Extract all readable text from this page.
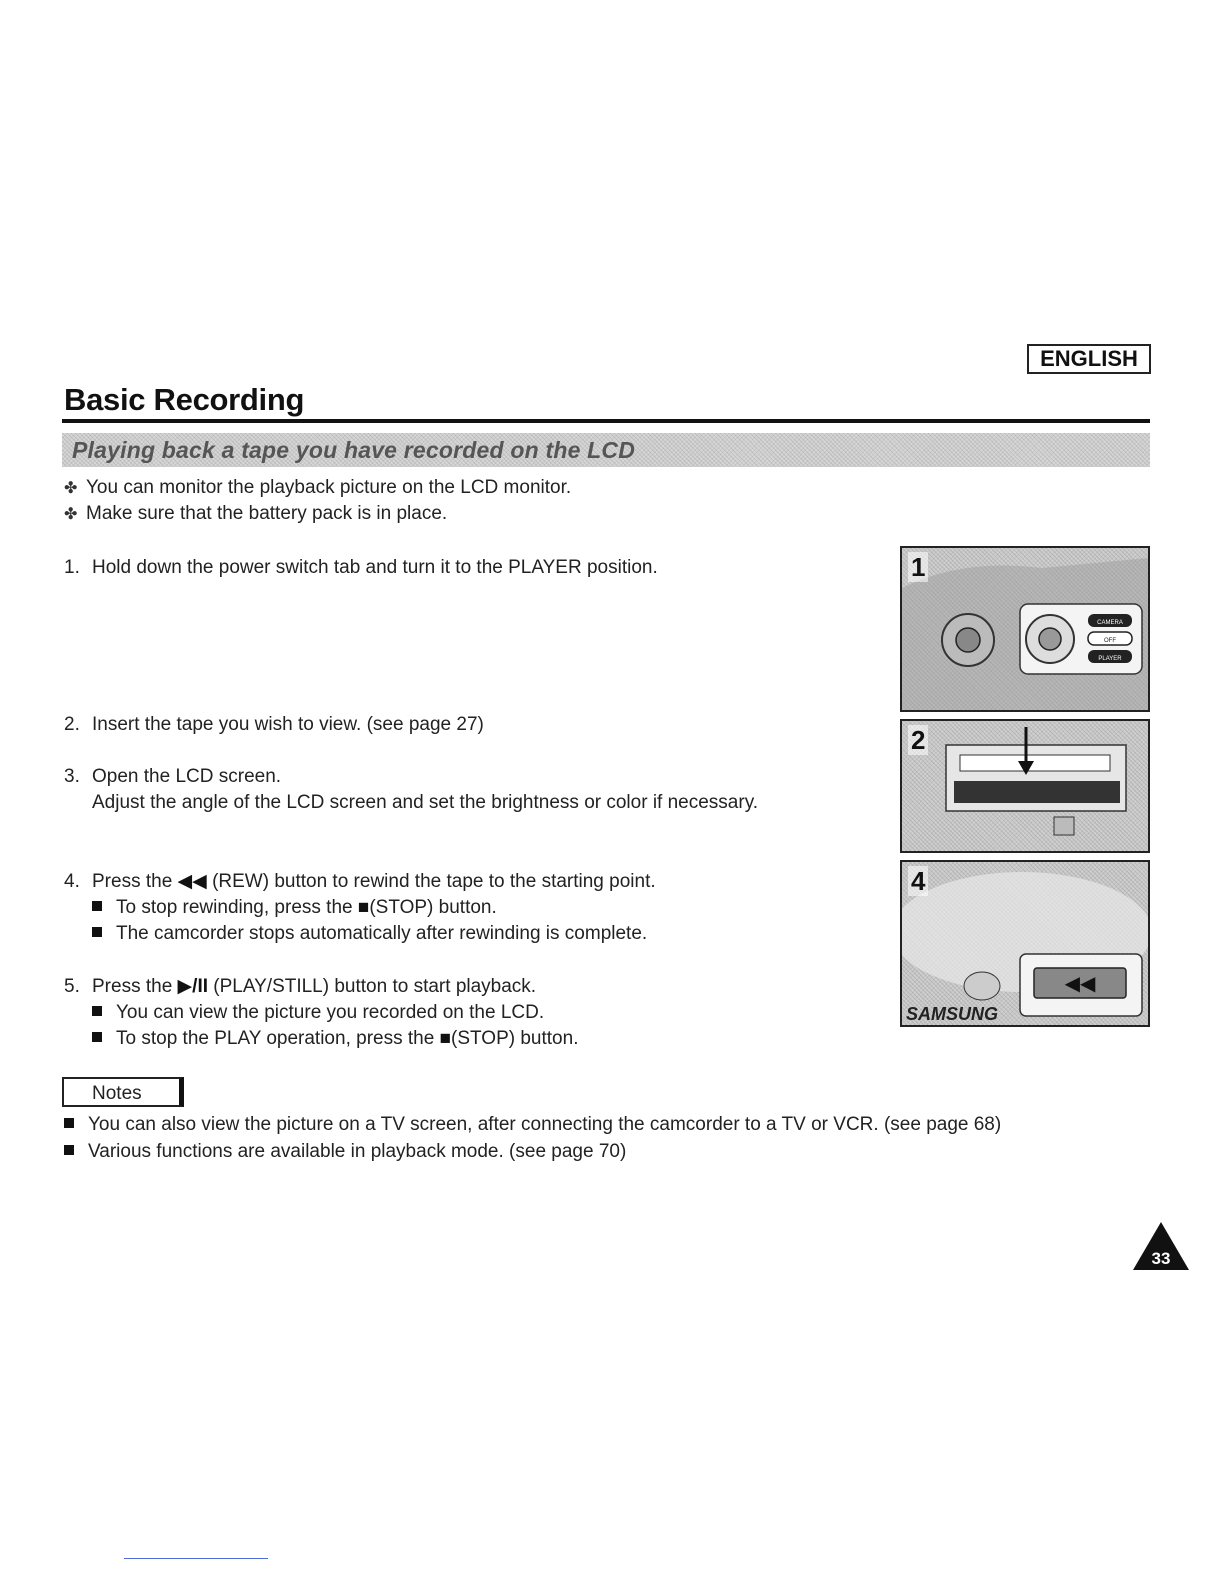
ENGLISH
Basic Recording
Playing back a tape you have recorded on the LCD
✤ You can monitor the playback picture on the LCD monitor.
✤ Make sure that the battery pack is in place.
1. Hold down the power switch tab and turn it to the PLAYER position.
2. Insert the tape you wish to view. (see page 27)
3. Open the LCD screen.
Adjust the angle of the LCD screen and set the brightness or color if necessary.
4. Press the ◀◀ (REW) button to rewind the tape to the starting point.
To stop rewinding, press the ■(STOP) button.
The camcorder stops automatically after rewinding is complete.
5. Press the ▶/II (PLAY/STILL) button to start playback.
You can view the picture you recorded on the LCD.
To stop the PLAY operation, press the ■(STOP) button.
Notes
You can also view the picture on a TV screen, after connecting the camcorder to a TV or VCR. (see page 68)
Various functions are available in playback mode. (see page 70)
CAMERA
OFF
PLAYER
1
2
SAMSUNG
◀◀
4
33
